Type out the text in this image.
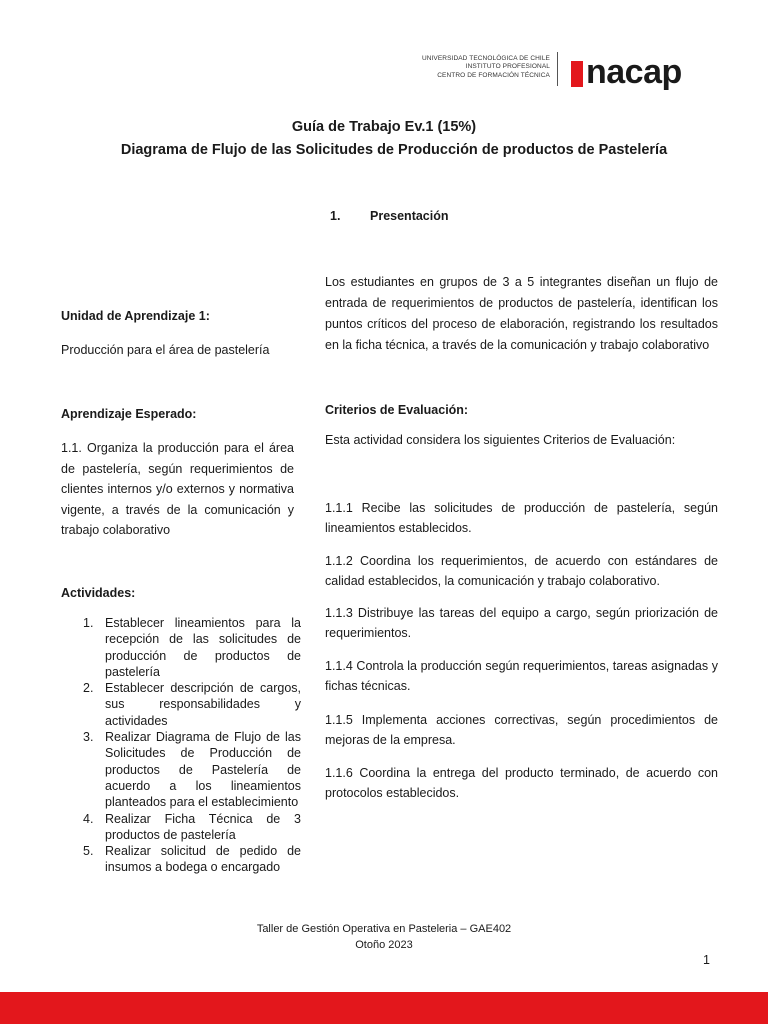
UNIVERSIDAD TECNOLÓGICA DE CHILE
INSTITUTO PROFESIONAL
CENTRO DE FORMACIÓN TÉCNICA nacap
Guía de Trabajo Ev.1 (15%)
Diagrama de Flujo de las Solicitudes de Producción de productos de Pastelería
1. Presentación
Unidad de Aprendizaje 1:
Producción para el área de pastelería
Aprendizaje Esperado:
1.1. Organiza la producción para el área de pastelería, según requerimientos de clientes internos y/o externos y normativa vigente, a través de la comunicación y trabajo colaborativo
Actividades:
1. Establecer lineamientos para la recepción de las solicitudes de producción de productos de pastelería
2. Establecer descripción de cargos, sus responsabilidades y actividades
3. Realizar Diagrama de Flujo de las Solicitudes de Producción de productos de Pastelería de acuerdo a los lineamientos planteados para el establecimiento
4. Realizar Ficha Técnica de 3 productos de pastelería
5. Realizar solicitud de pedido de insumos a bodega o encargado
Los estudiantes en grupos de 3 a 5 integrantes diseñan un flujo de entrada de requerimientos de productos de pastelería, identifican los puntos críticos del proceso de elaboración, registrando los resultados en la ficha técnica, a través de la comunicación y trabajo colaborativo
Criterios de Evaluación:
Esta actividad considera los siguientes Criterios de Evaluación:
1.1.1 Recibe las solicitudes de producción de pastelería, según lineamientos establecidos.
1.1.2 Coordina los requerimientos, de acuerdo con estándares de calidad establecidos, la comunicación y trabajo colaborativo.
1.1.3 Distribuye las tareas del equipo a cargo, según priorización de requerimientos.
1.1.4 Controla la producción según requerimientos, tareas asignadas y fichas técnicas.
1.1.5 Implementa acciones correctivas, según procedimientos de mejoras de la empresa.
1.1.6 Coordina la entrega del producto terminado, de acuerdo con protocolos establecidos.
Taller de Gestión Operativa en Pasteleria – GAE402
Otoño 2023
1
